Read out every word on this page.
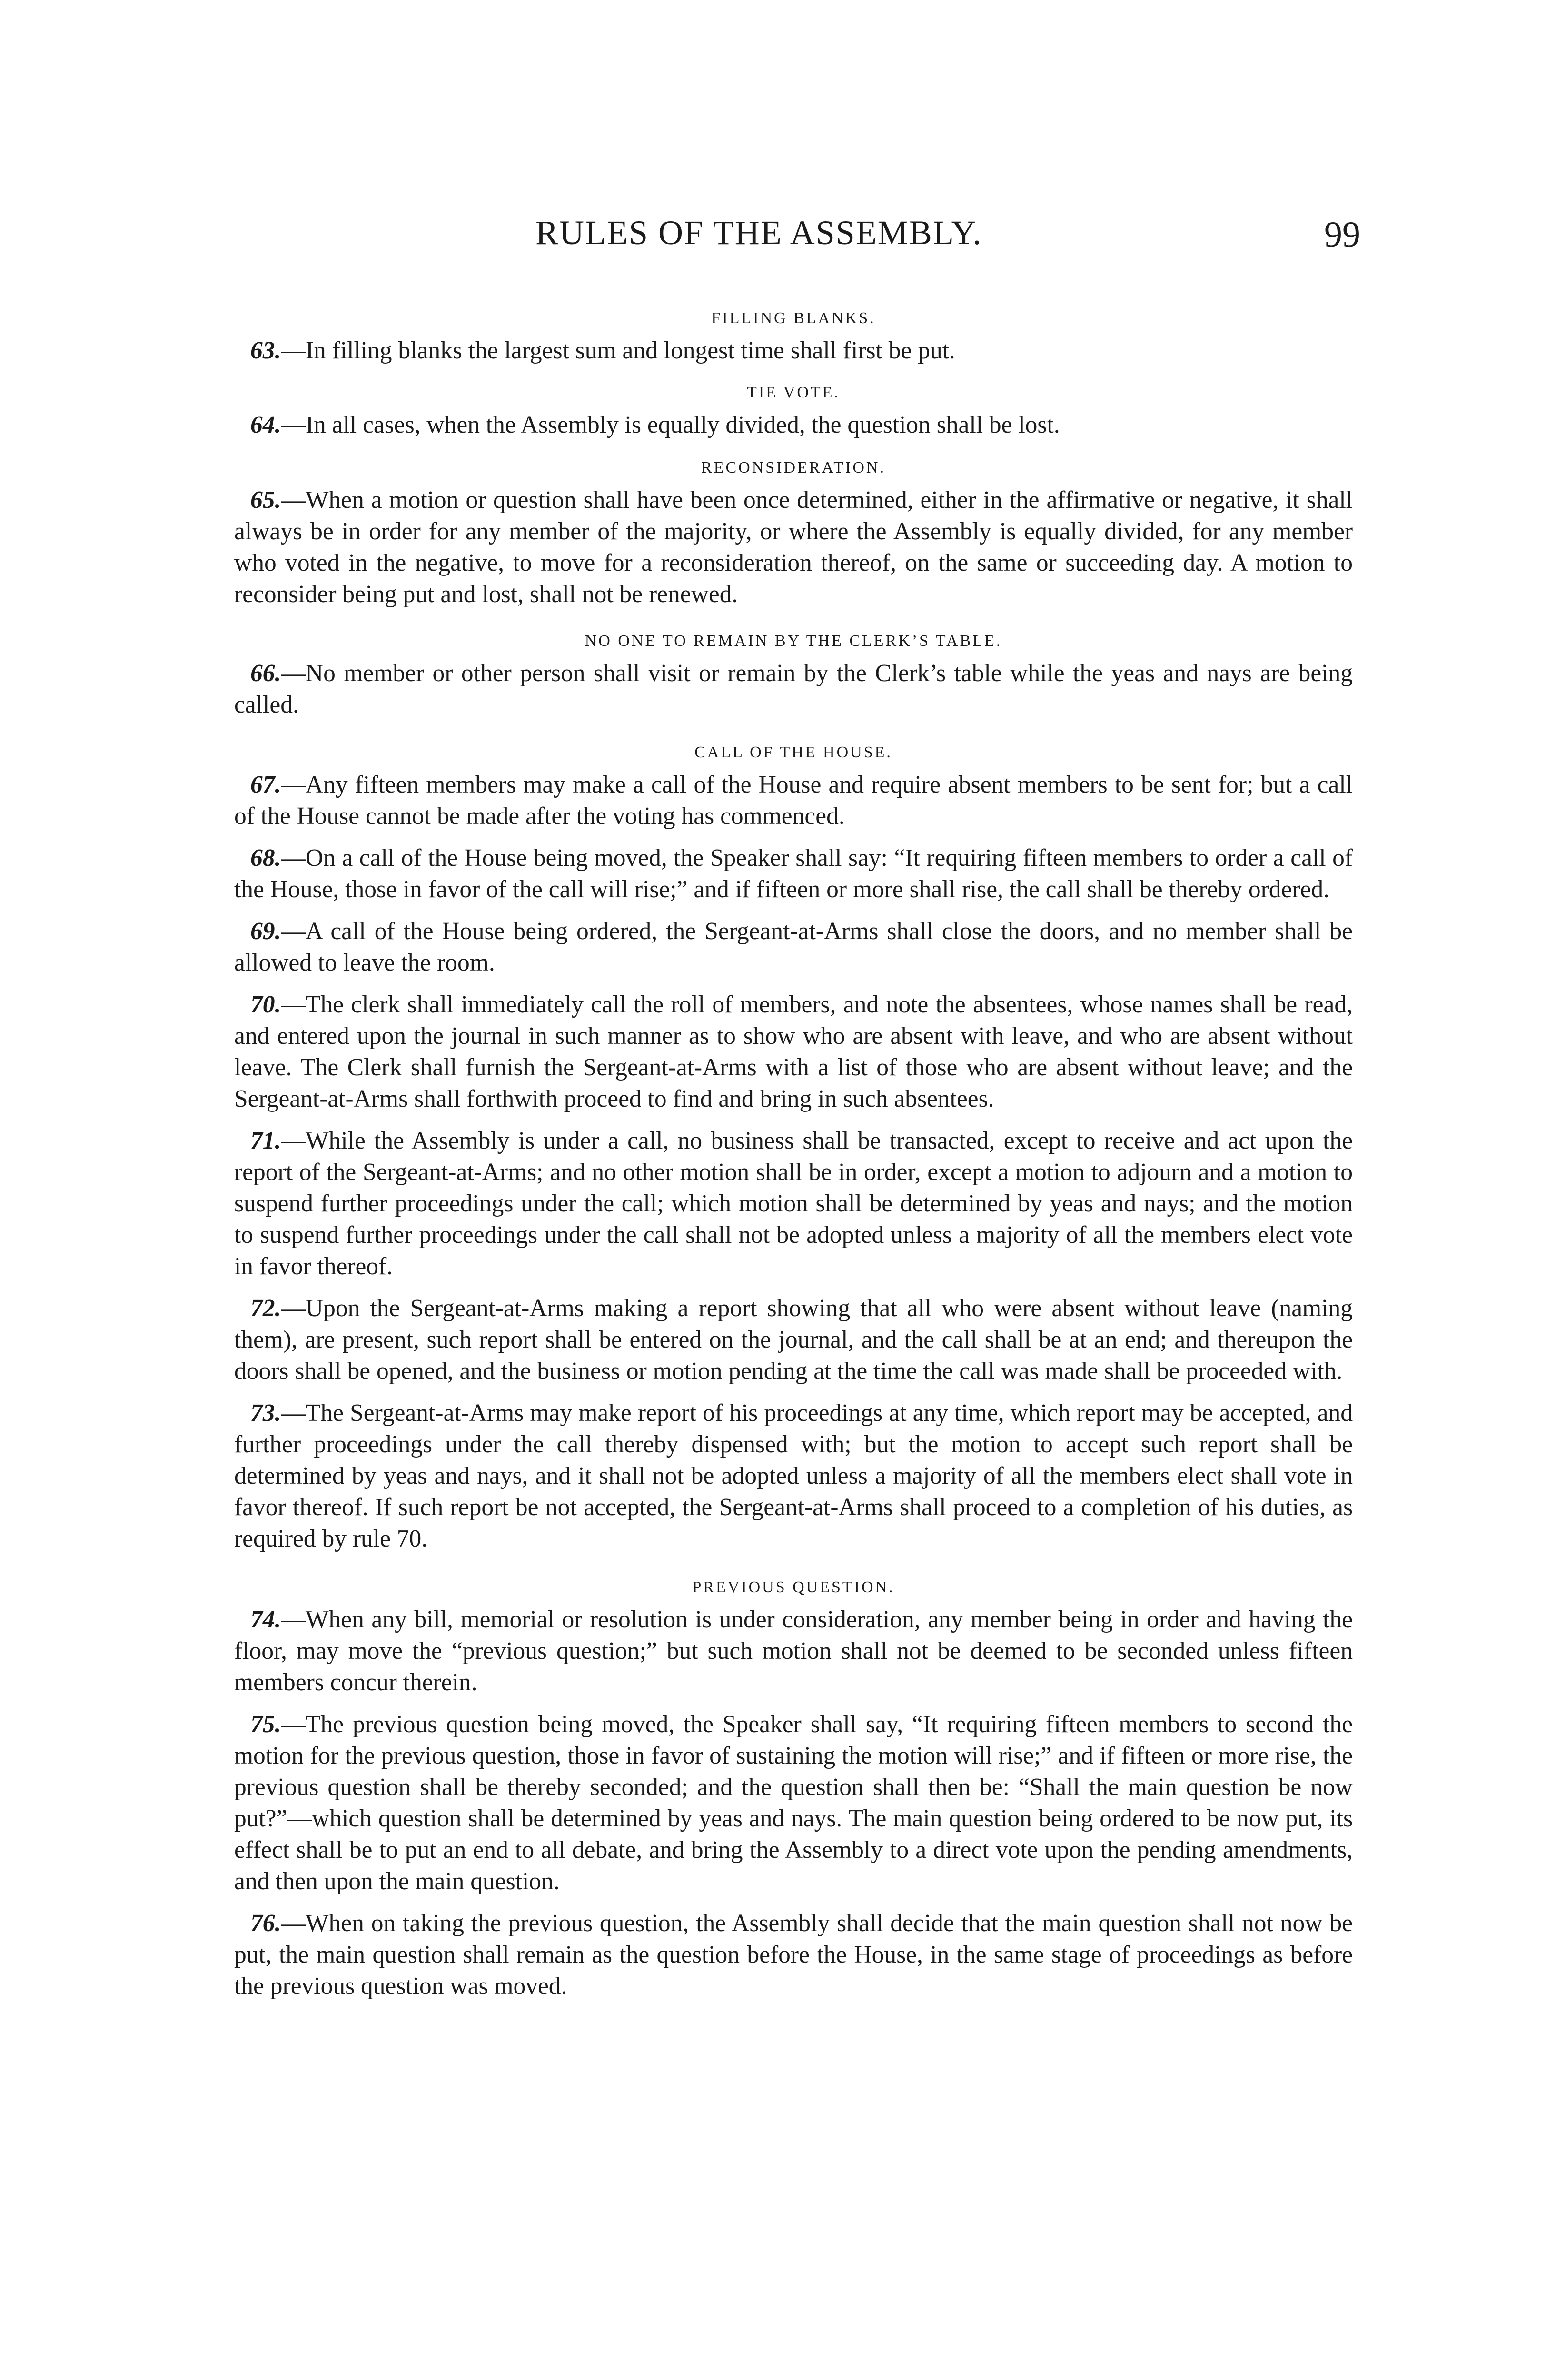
RULES OF THE ASSEMBLY.	99

FILLING BLANKS.

63.—In filling blanks the largest sum and longest time shall first be put.

TIE VOTE.

64.—In all cases, when the Assembly is equally divided, the question shall be lost.

RECONSIDERATION.

65.—When a motion or question shall have been once determined, either in the affirmative or negative, it shall always be in order for any member of the majority, or where the Assembly is equally divided, for any member who voted in the negative, to move for a reconsideration thereof, on the same or succeeding day. A motion to reconsider being put and lost, shall not be renewed.

NO ONE TO REMAIN BY THE CLERK’S TABLE.

66.—No member or other person shall visit or remain by the Clerk’s table while the yeas and nays are being called.

CALL OF THE HOUSE.

67.—Any fifteen members may make a call of the House and require absent members to be sent for; but a call of the House cannot be made after the voting has commenced.

68.—On a call of the House being moved, the Speaker shall say: “It requiring fifteen members to order a call of the House, those in favor of the call will rise;” and if fifteen or more shall rise, the call shall be thereby ordered.

69.—A call of the House being ordered, the Sergeant-at-Arms shall close the doors, and no member shall be allowed to leave the room.

70.—The clerk shall immediately call the roll of members, and note the absentees, whose names shall be read, and entered upon the journal in such manner as to show who are absent with leave, and who are absent without leave. The Clerk shall furnish the Sergeant-at-Arms with a list of those who are absent without leave; and the Sergeant-at-Arms shall forthwith proceed to find and bring in such absentees.

71.—While the Assembly is under a call, no business shall be transacted, except to receive and act upon the report of the Sergeant-at-Arms; and no other motion shall be in order, except a motion to adjourn and a motion to suspend further proceedings under the call; which motion shall be determined by yeas and nays; and the motion to suspend further proceedings under the call shall not be adopted unless a majority of all the members elect vote in favor thereof.

72.—Upon the Sergeant-at-Arms making a report showing that all who were absent without leave (naming them), are present, such report shall be entered on the journal, and the call shall be at an end; and thereupon the doors shall be opened, and the business or motion pending at the time the call was made shall be proceeded with.

73.—The Sergeant-at-Arms may make report of his proceedings at any time, which report may be accepted, and further proceedings under the call thereby dispensed with; but the motion to accept such report shall be determined by yeas and nays, and it shall not be adopted unless a majority of all the members elect shall vote in favor thereof. If such report be not accepted, the Sergeant-at-Arms shall proceed to a completion of his duties, as required by rule 70.

PREVIOUS QUESTION.

74.—When any bill, memorial or resolution is under consideration, any member being in order and having the floor, may move the “previous question;” but such motion shall not be deemed to be seconded unless fifteen members concur therein.

75.—The previous question being moved, the Speaker shall say, “It requiring fifteen members to second the motion for the previous question, those in favor of sustaining the motion will rise;” and if fifteen or more rise, the previous question shall be thereby seconded; and the question shall then be: “Shall the main question be now put?”—which question shall be determined by yeas and nays. The main question being ordered to be now put, its effect shall be to put an end to all debate, and bring the Assembly to a direct vote upon the pending amendments, and then upon the main question.

76.—When on taking the previous question, the Assembly shall decide that the main question shall not now be put, the main question shall remain as the question before the House, in the same stage of proceedings as before the previous question was moved.
